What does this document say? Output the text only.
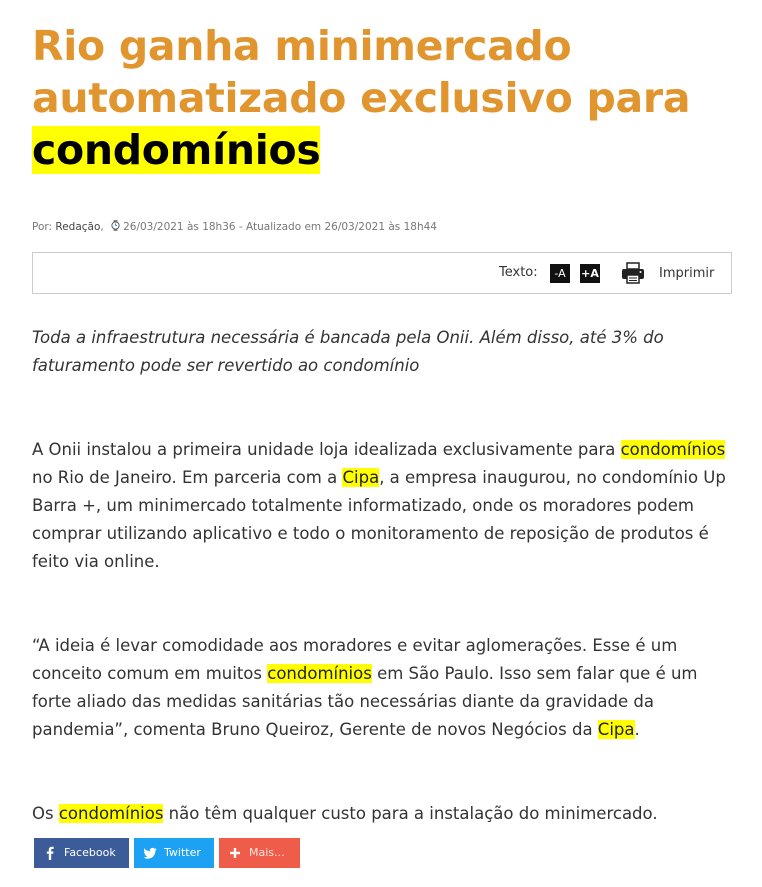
Rio ganha minimercado automatizado exclusivo para condomínios
Por: Redação, 26/03/2021 às 18h36 - Atualizado em 26/03/2021 às 18h44
Texto:	-A	+A	Imprimir

Toda a infraestrutura necessária é bancada pela Onii. Além disso, até 3% do faturamento pode ser revertido ao condomínio

A Onii instalou a primeira unidade loja idealizada exclusivamente para condomínios no Rio de Janeiro. Em parceria com a Cipa, a empresa inaugurou, no condomínio Up Barra +, um minimercado totalmente informatizado, onde os moradores podem comprar utilizando aplicativo e todo o monitoramento de reposição de produtos é feito via online.

“A ideia é levar comodidade aos moradores e evitar aglomerações. Esse é um conceito comum em muitos condomínios em São Paulo. Isso sem falar que é um forte aliado das medidas sanitárias tão necessárias diante da gravidade da pandemia”, comenta Bruno Queiroz, Gerente de novos Negócios da Cipa.

Os condomínios não têm qualquer custo para a instalação do minimercado.

Facebook	Twitter	Mais...
